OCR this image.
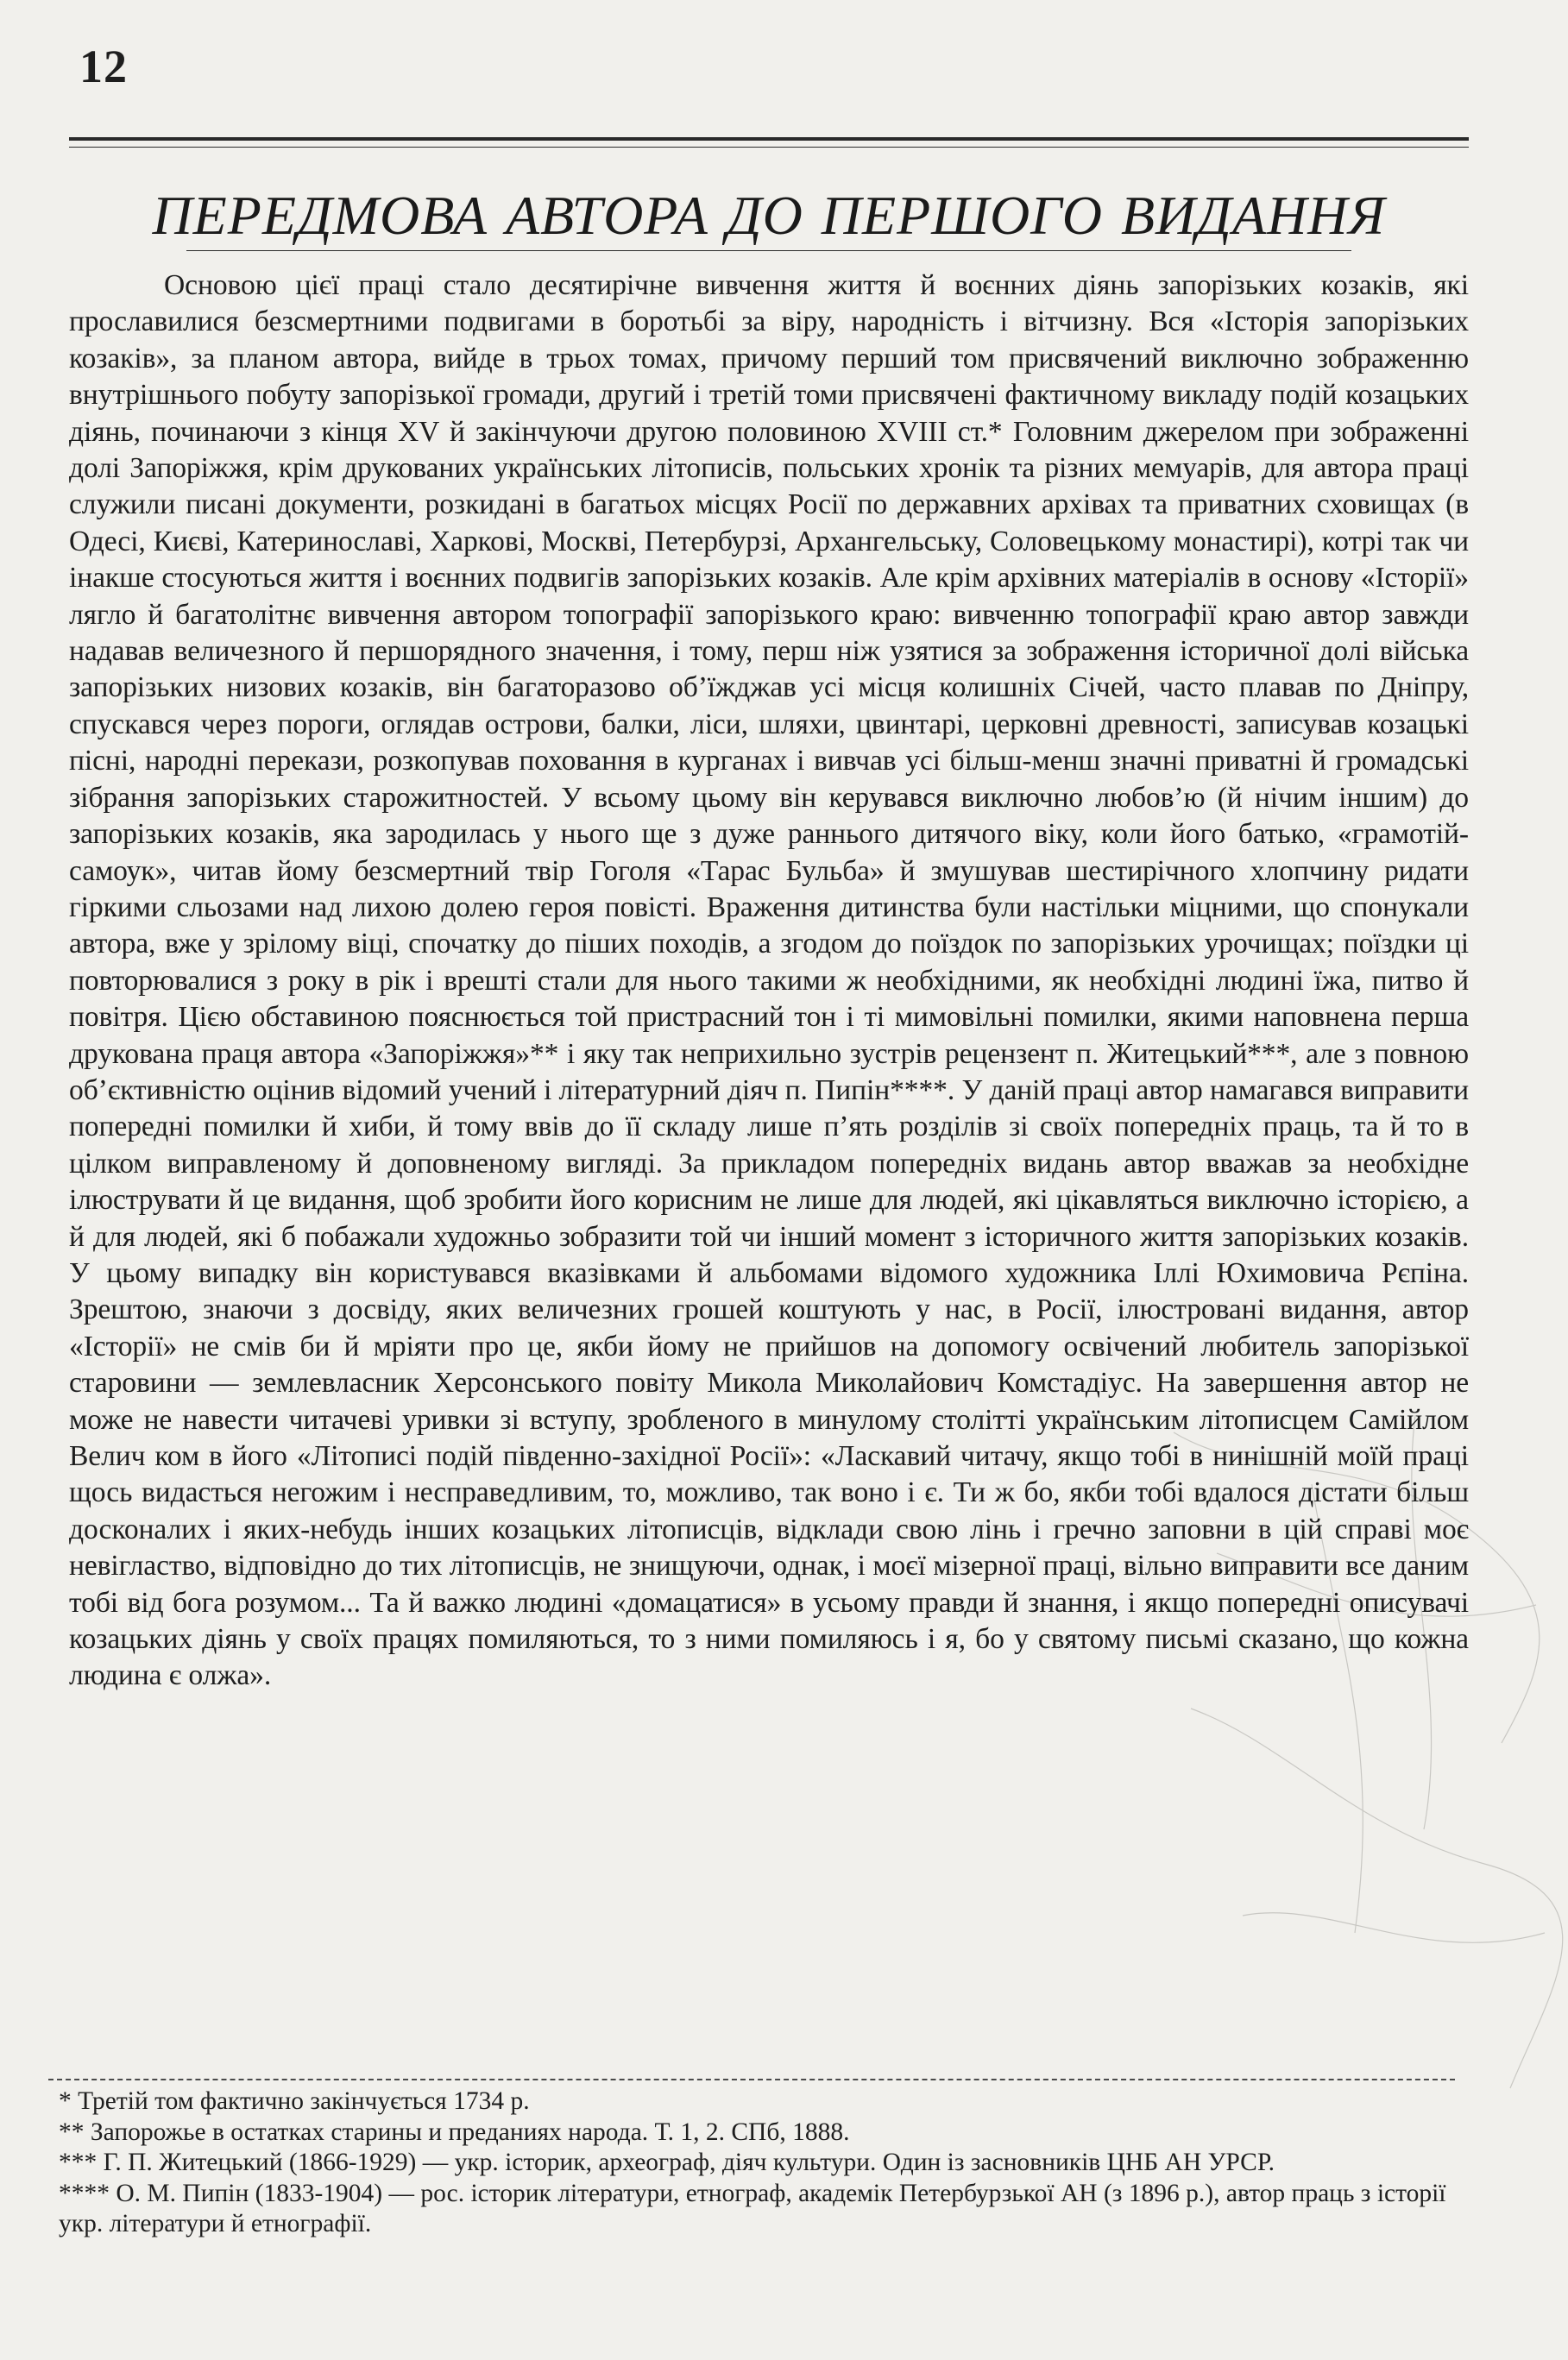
12
ПЕРЕДМОВА АВТОРА ДО ПЕРШОГО ВИДАННЯ

Основою цієї праці стало десятирічне вивчення життя й воєнних діянь запорізьких козаків, які прославилися безсмертними подвигами в боротьбі за віру, народність і вітчизну. Вся «Історія запорізьких козаків», за планом автора, вийде в трьох томах, причому перший том присвячений виключно зображенню внутрішнього побуту запорізької громади, другий і третій томи присвячені фактичному викладу подій козацьких діянь, починаючи з кінця XV й закінчуючи другою половиною XVIII ст.* Головним джерелом при зображенні долі Запоріжжя, крім друкованих українських літописів, польських хронік та різних мемуарів, для автора праці служили писані документи, розкидані в багатьох місцях Росії по державних архівах та приватних сховищах (в Одесі, Києві, Катеринославі, Харкові, Москві, Петербурзі, Архангельську, Соловецькому монастирі), котрі так чи інакше стосуються життя і воєнних подвигів запорізьких козаків. Але крім архівних матеріалів в основу «Історії» лягло й багатолітнє вивчення автором топографії запорізького краю: вивченню топографії краю автор завжди надавав величезного й першорядного значення, і тому, перш ніж узятися за зображення історичної долі війська запорізьких низових козаків, він багаторазово об’їжджав усі місця колишніх Січей, часто плавав по Дніпру, спускався через пороги, оглядав острови, балки, ліси, шляхи, цвинтарі, церковні древності, записував козацькі пісні, народні перекази, розкопував поховання в курганах і вивчав усі більш-менш значні приватні й громадські зібрання запорізьких старожитностей. У всьому цьому він керувався виключно любов’ю (й нічим іншим) до запорізьких козаків, яка зародилась у нього ще з дуже раннього дитячого віку, коли його батько, «грамотій-самоук», читав йому безсмертний твір Гоголя «Тарас Бульба» й змушував шестирічного хлопчину ридати гіркими сльозами над лихою долею героя повісті. Враження дитинства були настільки міцними, що спонукали автора, вже у зрілому віці, спочатку до піших походів, а згодом до поїздок по запорізьких урочищах; поїздки ці повторювалися з року в рік і врешті стали для нього такими ж необхідними, як необхідні людині їжа, питво й повітря. Цією обставиною пояснюється той пристрасний тон і ті мимовільні помилки, якими наповнена перша друкована праця автора «Запоріжжя»** і яку так неприхильно зустрів рецензент п. Житецький***, але з повною об’єктивністю оцінив відомий учений і літературний діяч п. Пипін****. У даній праці автор намагався виправити попередні помилки й хиби, й тому ввів до її складу лише п’ять розділів зі своїх попередніх праць, та й то в цілком виправленому й доповненому вигляді. За прикладом попередніх видань автор вважав за необхідне ілюструвати й це видання, щоб зробити його корисним не лише для людей, які цікавляться виключно історією, а й для людей, які б побажали художньо зобразити той чи інший момент з історичного життя запорізьких козаків. У цьому випадку він користувався вказівками й альбомами відомого художника Іллі Юхимовича Рєпіна. Зрештою, знаючи з досвіду, яких величезних грошей коштують у нас, в Росії, ілюстровані видання, автор «Історії» не смів би й мріяти про це, якби йому не прийшов на допомогу освічений любитель запорізької старовини — землевласник Херсонського повіту Микола Миколайович Комстадіус. На завершення автор не може не навести читачеві уривки зі вступу, зробленого в минулому столітті українським літописцем Самійлом Велич ком в його «Літописі подій південно-західної Росії»: «Ласкавий читачу, якщо тобі в нинішній моїй праці щось видасться негожим і несправедливим, то, можливо, так воно і є. Ти ж бо, якби тобі вдалося дістати більш досконалих і яких-небудь інших козацьких літописців, відклади свою лінь і гречно заповни в цій справі моє невігластво, відповідно до тих літописців, не знищуючи, однак, і моєї мізерної праці, вільно виправити все даним тобі від бога розумом... Та й важко людині «домацатися» в усьому правди й знання, і якщо попередні описувачі козацьких діянь у своїх працях помиляються, то з ними помиляюсь і я, бо у святому письмі сказано, що кожна людина є олжа».

* Третій том фактично закінчується 1734 р.

** Запорожье в остатках старины и преданиях народа. Т. 1, 2. СПб, 1888.

*** Г. П. Житецький (1866-1929) — укр. історик, археограф, діяч культури. Один із засновників ЦНБ АН УРСР.

**** О. М. Пипін (1833-1904) — рос. історик літератури, етнограф, академік Петербурзької АН (з 1896 р.), автор праць з історії укр. літератури й етнографії.
